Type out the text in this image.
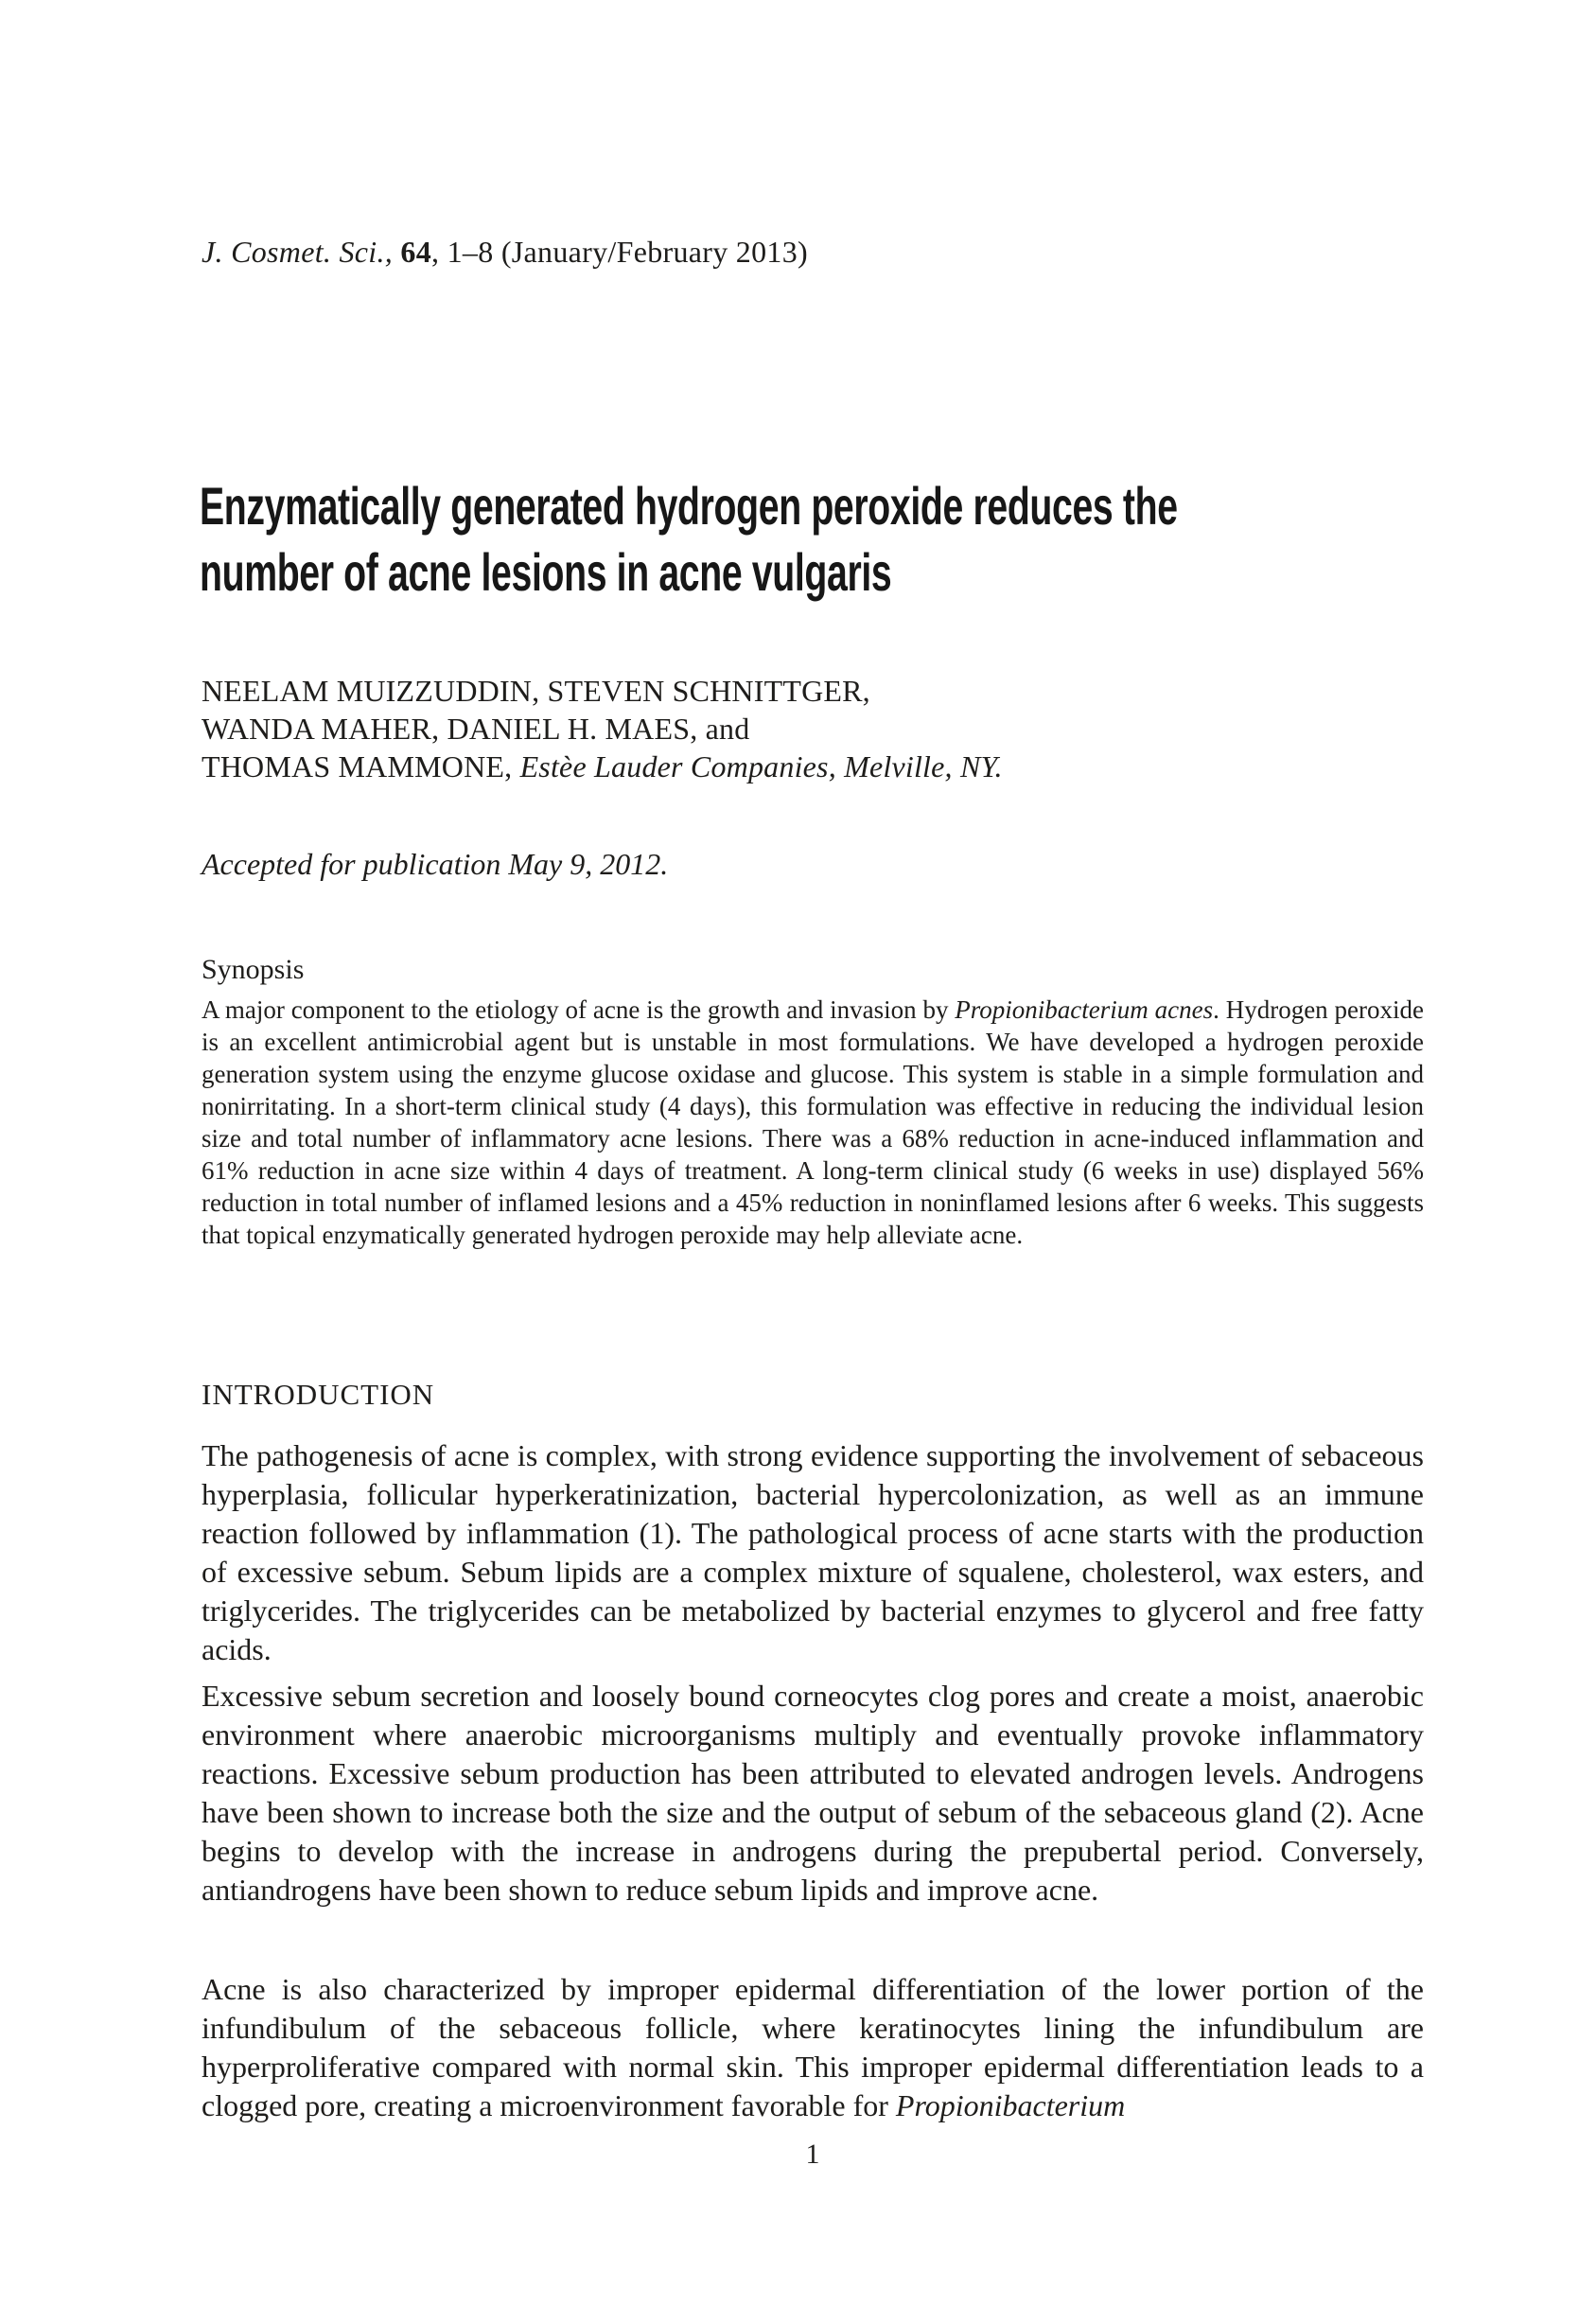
J. Cosmet. Sci., 64, 1–8 (January/February 2013)
Enzymatically generated hydrogen peroxide reduces the
number of acne lesions in acne vulgaris
NEELAM MUIZZUDDIN, STEVEN SCHNITTGER,
WANDA MAHER, DANIEL H. MAES, and
THOMAS MAMMONE, Estèe Lauder Companies, Melville, NY.
Accepted for publication May 9, 2012.
Synopsis
A major component to the etiology of acne is the growth and invasion by Propionibacterium acnes. Hydrogen peroxide is an excellent antimicrobial agent but is unstable in most formulations. We have developed a hydrogen peroxide generation system using the enzyme glucose oxidase and glucose. This system is stable in a simple formulation and nonirritating. In a short-term clinical study (4 days), this formulation was effective in reducing the individual lesion size and total number of inflammatory acne lesions. There was a 68% reduction in acne-induced inflammation and 61% reduction in acne size within 4 days of treatment. A long-term clinical study (6 weeks in use) displayed 56% reduction in total number of inflamed lesions and a 45% reduction in noninflamed lesions after 6 weeks. This suggests that topical enzymatically generated hydrogen peroxide may help alleviate acne.
INTRODUCTION
The pathogenesis of acne is complex, with strong evidence supporting the involvement of sebaceous hyperplasia, follicular hyperkeratinization, bacterial hypercolonization, as well as an immune reaction followed by inflammation (1). The pathological process of acne starts with the production of excessive sebum. Sebum lipids are a complex mixture of squalene, cholesterol, wax esters, and triglycerides. The triglycerides can be metabolized by bacterial enzymes to glycerol and free fatty acids.
Excessive sebum secretion and loosely bound corneocytes clog pores and create a moist, anaerobic environment where anaerobic microorganisms multiply and eventually provoke inflammatory reactions. Excessive sebum production has been attributed to elevated androgen levels. Androgens have been shown to increase both the size and the output of sebum of the sebaceous gland (2). Acne begins to develop with the increase in androgens during the prepubertal period. Conversely, antiandrogens have been shown to reduce sebum lipids and improve acne.
Acne is also characterized by improper epidermal differentiation of the lower portion of the infundibulum of the sebaceous follicle, where keratinocytes lining the infundibulum are hyperproliferative compared with normal skin. This improper epidermal differentiation leads to a clogged pore, creating a microenvironment favorable for Propionibacterium
1
